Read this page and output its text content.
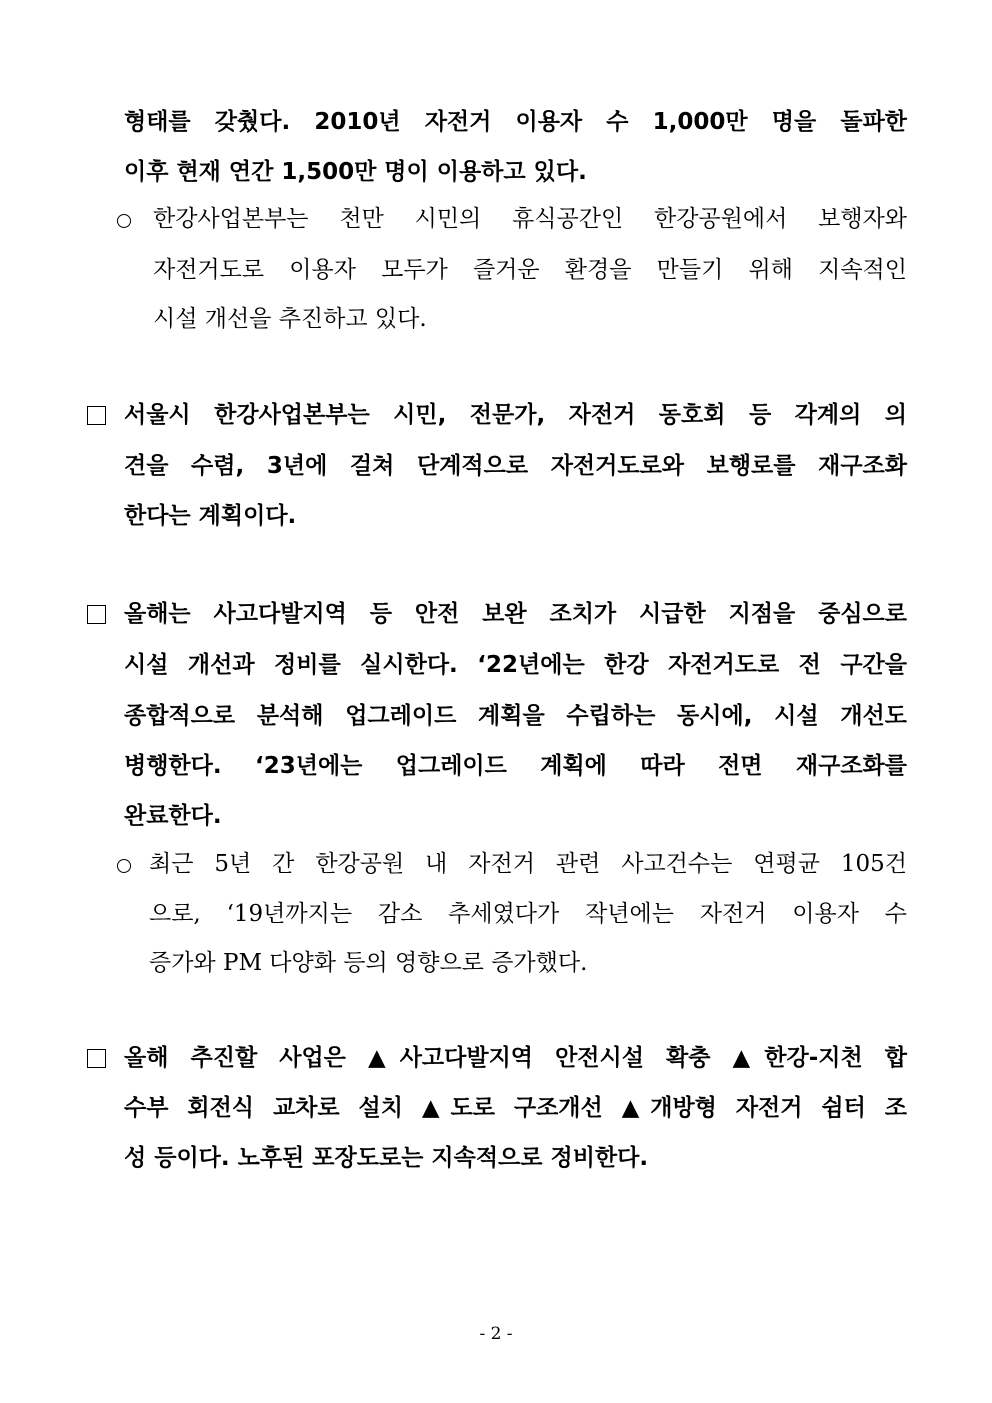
형태를 갖췄다. 2010년 자전거 이용자 수 1,000만 명을 돌파한
이후 현재 연간 1,500만 명이 이용하고 있다.
한강사업본부는 천만 시민의 휴식공간인 한강공원에서 보행자와
자전거도로 이용자 모두가 즐거운 환경을 만들기 위해 지속적인
시설 개선을 추진하고 있다.
서울시 한강사업본부는 시민, 전문가, 자전거 동호회 등 각계의 의
견을 수렴, 3년에 걸쳐 단계적으로 자전거도로와 보행로를 재구조화
한다는 계획이다.
올해는 사고다발지역 등 안전 보완 조치가 시급한 지점을 중심으로
시설 개선과 정비를 실시한다. ‘22년에는 한강 자전거도로 전 구간을
종합적으로 분석해 업그레이드 계획을 수립하는 동시에, 시설 개선도
병행한다. ‘23년에는 업그레이드 계획에 따라 전면 재구조화를
완료한다.
최근 5년 간 한강공원 내 자전거 관련 사고건수는 연평균 105건
으로, ‘19년까지는 감소 추세였다가 작년에는 자전거 이용자 수
증가와 PM 다양화 등의 영향으로 증가했다.
올해 추진할 사업은 ▲사고다발지역 안전시설 확충 ▲한강-지천 합
수부 회전식 교차로 설치 ▲도로 구조개선 ▲개방형 자전거 쉼터 조
성 등이다. 노후된 포장도로는 지속적으로 정비한다.
- 2 -
